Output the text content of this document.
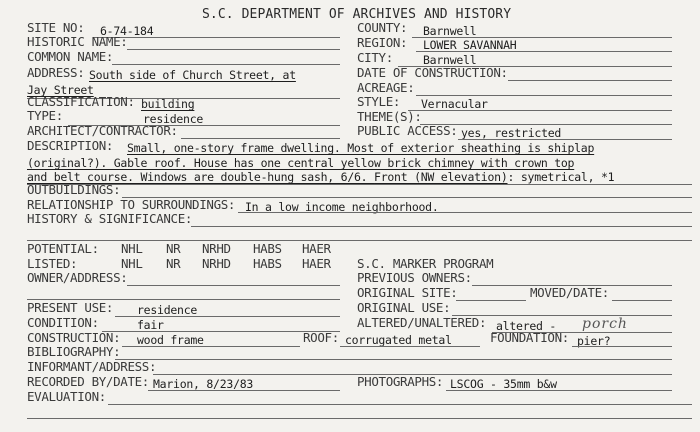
S.C. DEPARTMENT OF ARCHIVES AND HISTORY
SITE NO: 6-74-184
HISTORIC NAME:
COMMON NAME:
ADDRESS: South side of Church Street, at
Jay Street
CLASSIFICATION: building
TYPE:	residence
ARCHITECT/CONTRACTOR:
COUNTY: Barnwell
REGION: LOWER SAVANNAH
CITY:	Barnwell
DATE OF CONSTRUCTION:
ACREAGE:
STYLE: Vernacular
THEME(S):
PUBLIC ACCESS: yes, restricted
DESCRIPTION: Small, one-story frame dwelling. Most of exterior sheathing is shiplap
(original?). Gable roof. House has one central yellow brick chimney with crown top
and belt course. Windows are double-hung sash, 6/6. Front (NW elevation): symetrical, *1
OUTBUILDINGS:
RELATIONSHIP TO SURROUNDINGS: In a low income neighborhood.
HISTORY & SIGNIFICANCE:
POTENTIAL: NHL NR NRHD HABS HAER
LISTED:	NHL NR NRHD HABS HAER S.C. MARKER PROGRAM
OWNER/ADDRESS:	PREVIOUS OWNERS:
ORIGINAL SITE:	MOVED/DATE:
PRESENT USE: residence	ORIGINAL USE:
CONDITION:	fair	ALTERED/UNALTERED: altered - porch
CONSTRUCTION: wood frame	ROOF: corrugated metal	FOUNDATION: pier?
BIBLIOGRAPHY:
INFORMANT/ADDRESS:
RECORDED BY/DATE: Marion, 8/23/83	PHOTOGRAPHS: LSCOG - 35mm b&w
EVALUATION:
